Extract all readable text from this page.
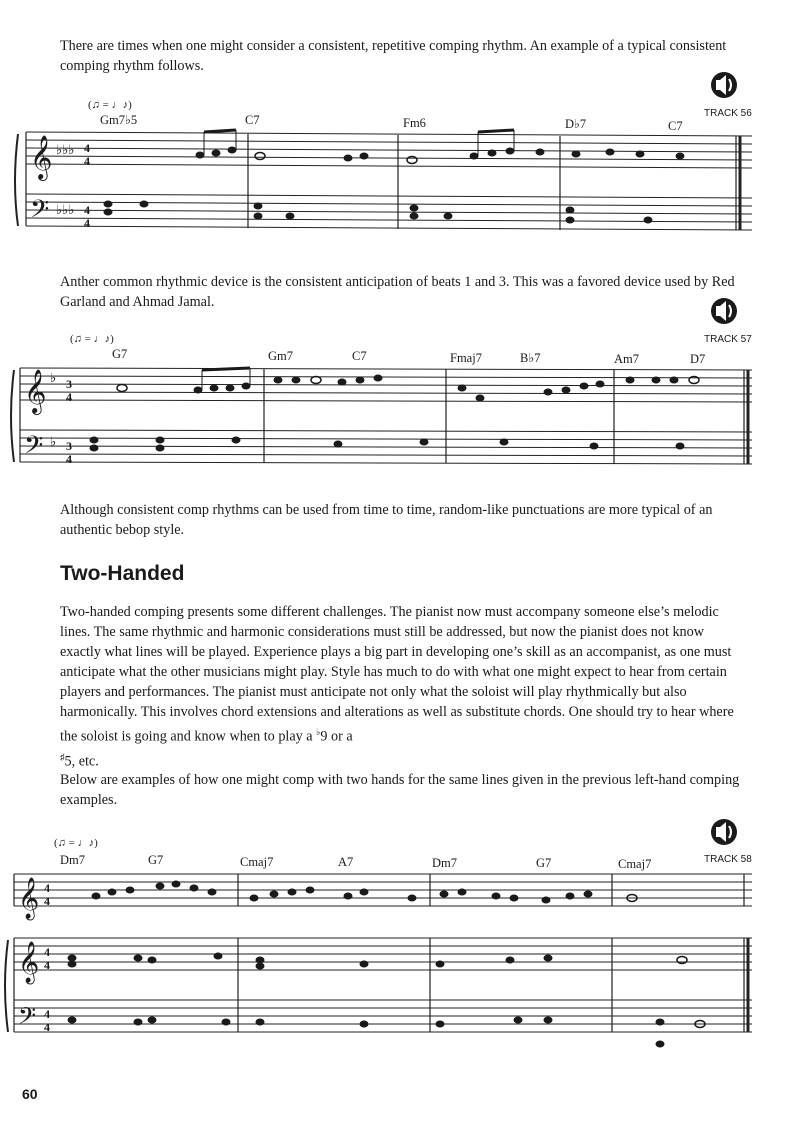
There are times when one might consider a consistent, repetitive comping rhythm. An example of a typical consistent comping rhythm follows.

(♫ = ♩♪)
TRACK 56
Gm7♭5	C7	Fm6	D♭7	C7
𝄞
𝄢
♭♭♭
♭♭♭
4
4
4
4

Anther common rhythmic device is the consistent anticipation of beats 1 and 3. This was a favored device used by Red Garland and Ahmad Jamal.

(♫ = ♩♪)	TRACK 57
G7	Gm7	C7	Fmaj7	B♭7	Am7	D7
𝄞
𝄢
♭
♭
3
4
3
4

Although consistent comp rhythms can be used from time to time, random-like punctuations are more typical of an authentic bebop style.

Two-Handed

Two-handed comping presents some different challenges. The pianist now must accompany someone else’s melodic lines. The same rhythmic and harmonic considerations must still be addressed, but now the pianist does not know exactly what lines will be played. Experience plays a big part in developing one’s skill as an accompanist, as one must anticipate what the other musicians might play. Style has much to do with what one might expect to hear from certain players and performances. The pianist must anticipate not only what the soloist will play rhythmically but also harmonically. This involves chord extensions and alterations as well as substitute chords. One should try to hear where the soloist is going and know when to play a ♭9 or a
♯5, etc.

Below are examples of how one might comp with two hands for the same lines given in the previous left-hand comping examples.

(♫ = ♩♪)
TRACK 58
Dm7	G7	Cmaj7	A7	Dm7	G7	Cmaj7
𝄞
𝄞
𝄢
4
4
4
4
4
4
60
